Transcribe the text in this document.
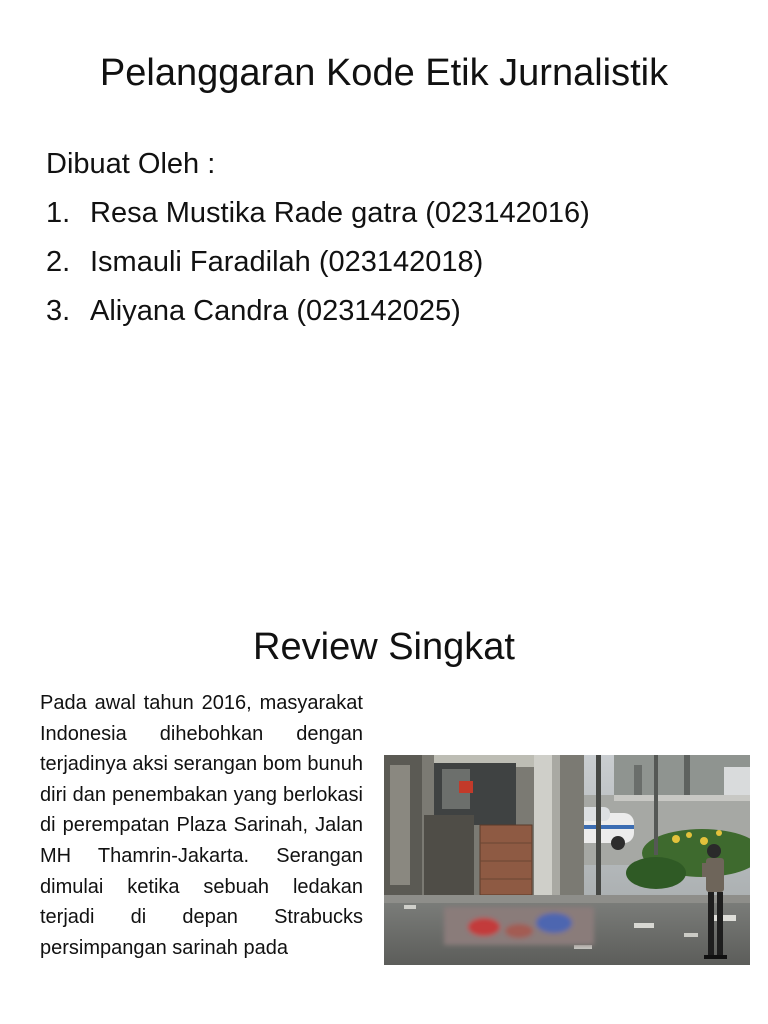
Pelanggaran Kode Etik Jurnalistik
Dibuat Oleh :
1. Resa Mustika Rade gatra (023142016)
2. Ismauli Faradilah (023142018)
3. Aliyana Candra (023142025)
Review Singkat

Pada awal tahun 2016, masyarakat Indonesia dihebohkan dengan terjadinya aksi serangan bom bunuh diri dan penembakan yang berlokasi di perempatan Plaza Sarinah, Jalan MH Thamrin-Jakarta. Serangan dimulai ketika sebuah ledakan terjadi di depan Strabucks persimpangan sarinah pada
